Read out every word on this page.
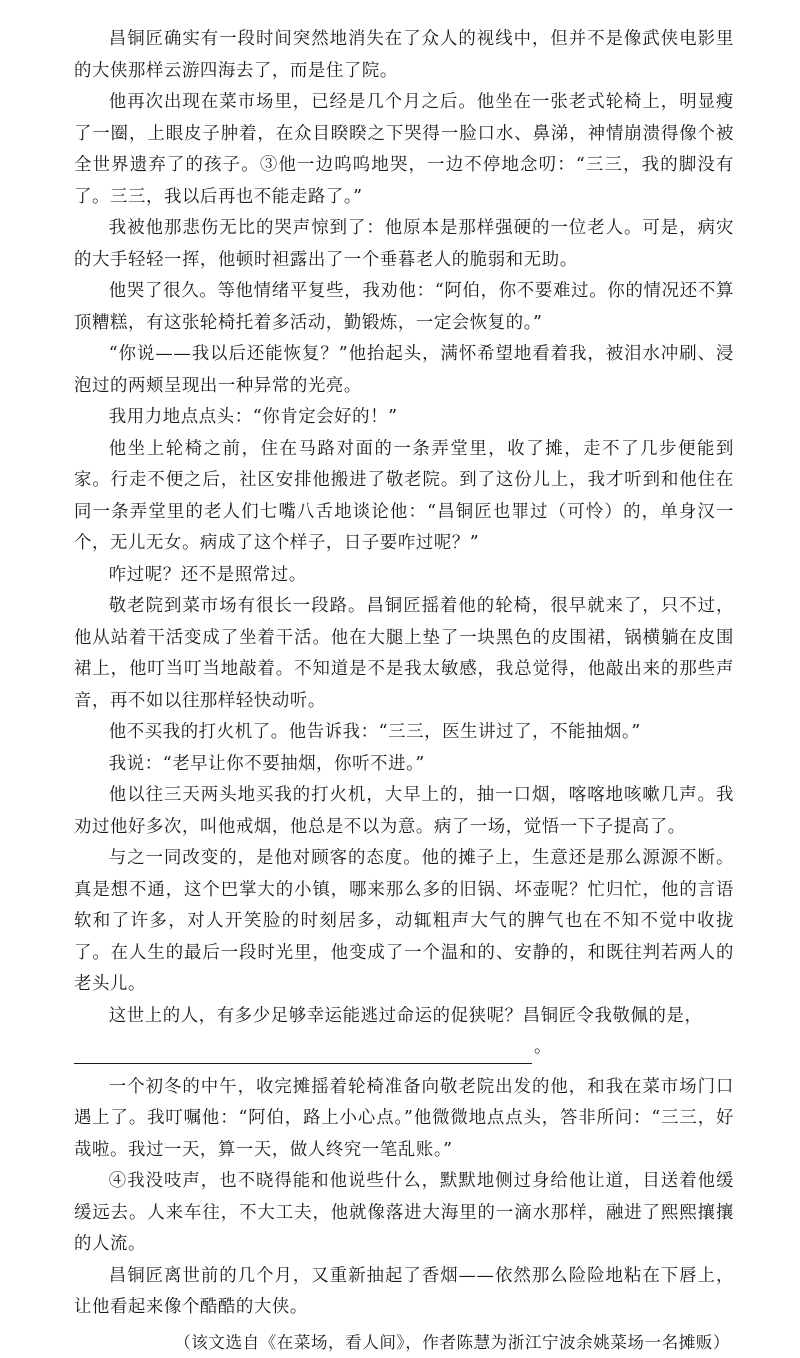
昌铜匠确实有一段时间突然地消失在了众人的视线中，但并不是像武侠电影里的大侠那样云游四海去了，而是住了院。

他再次出现在菜市场里，已经是几个月之后。他坐在一张老式轮椅上，明显瘦了一圈，上眼皮子肿着，在众目睽睽之下哭得一脸口水、鼻涕，神情崩溃得像个被全世界遗弃了的孩子。③他一边呜呜地哭，一边不停地念叨：“三三，我的脚没有了。三三，我以后再也不能走路了。”

我被他那悲伤无比的哭声惊到了：他原本是那样强硬的一位老人。可是，病灾的大手轻轻一挥，他顿时袒露出了一个垂暮老人的脆弱和无助。

他哭了很久。等他情绪平复些，我劝他：“阿伯，你不要难过。你的情况还不算顶糟糕，有这张轮椅托着多活动，勤锻炼，一定会恢复的。”

“你说——我以后还能恢复？”他抬起头，满怀希望地看着我，被泪水冲刷、浸泡过的两颊呈现出一种异常的光亮。

我用力地点点头：“你肯定会好的！”

他坐上轮椅之前，住在马路对面的一条弄堂里，收了摊，走不了几步便能到家。行走不便之后，社区安排他搬进了敬老院。到了这份儿上，我才听到和他住在同一条弄堂里的老人们七嘴八舌地谈论他：“昌铜匠也罪过（可怜）的，单身汉一个，无儿无女。病成了这个样子，日子要咋过呢？”

咋过呢？还不是照常过。

敬老院到菜市场有很长一段路。昌铜匠摇着他的轮椅，很早就来了，只不过，他从站着干活变成了坐着干活。他在大腿上垫了一块黑色的皮围裙，锅横躺在皮围裙上，他叮当叮当地敲着。不知道是不是我太敏感，我总觉得，他敲出来的那些声音，再不如以往那样轻快动听。

他不买我的打火机了。他告诉我：“三三，医生讲过了，不能抽烟。”

我说：“老早让你不要抽烟，你听不进。”

他以往三天两头地买我的打火机，大早上的，抽一口烟，喀喀地咳嗽几声。我劝过他好多次，叫他戒烟，他总是不以为意。病了一场，觉悟一下子提高了。

与之一同改变的，是他对顾客的态度。他的摊子上，生意还是那么源源不断。真是想不通，这个巴掌大的小镇，哪来那么多的旧锅、坏壶呢？忙归忙，他的言语软和了许多，对人开笑脸的时刻居多，动辄粗声大气的脾气也在不知不觉中收拢了。在人生的最后一段时光里，他变成了一个温和的、安静的，和既往判若两人的老头儿。

这世上的人，有多少足够幸运能逃过命运的促狭呢？昌铜匠令我敬佩的是，

。

一个初冬的中午，收完摊摇着轮椅准备向敬老院出发的他，和我在菜市场门口遇上了。我叮嘱他：“阿伯，路上小心点。”他微微地点点头，答非所问：“三三，好哉啦。我过一天，算一天，做人终究一笔乱账。”

④我没吱声，也不晓得能和他说些什么，默默地侧过身给他让道，目送着他缓缓远去。人来车往，不大工夫，他就像落进大海里的一滴水那样，融进了熙熙攘攘的人流。

昌铜匠离世前的几个月，又重新抽起了香烟——依然那么险险地粘在下唇上，让他看起来像个酷酷的大侠。

（该文选自《在菜场，看人间》，作者陈慧为浙江宁波余姚菜场一名摊贩）
